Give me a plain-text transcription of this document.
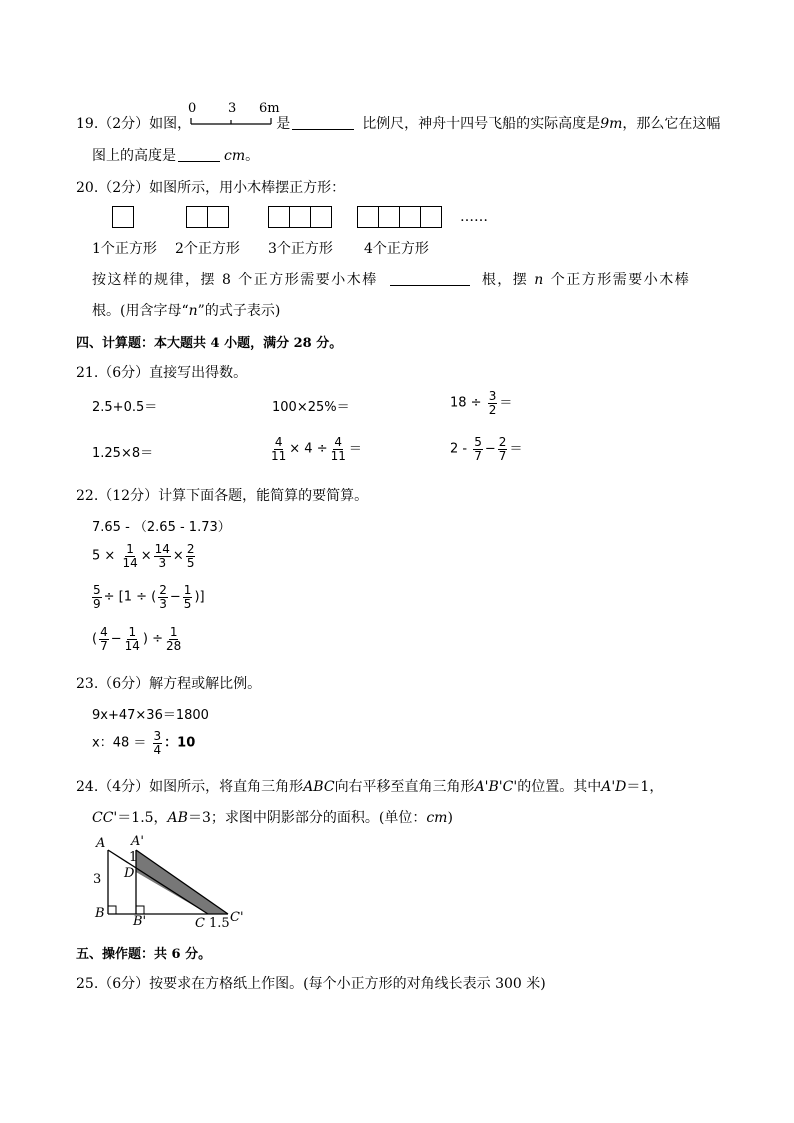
0 3 6m
19.（2分）如图，	是	比例尺，神舟十四号飞船的实际高度是9m，那么它在这幅
图上的高度是	cm。
20.（2分）如图所示，用小木棒摆正方形：
……
1个正方形 2个正方形 3个正方形 4个正方形
按这样的规律，摆 8 个正方形需要小木棒	根，摆 n 个正方形需要小木棒
根。(用含字母“n”的式子表示)
四、计算题：本大题共 4 小题，满分 28 分。
21.（6分）直接写出得数。
2.5+0.5＝	100×25%＝	$18 \div \frac{3}{2}$ ＝
1.25×8＝	$\frac{4}{11} \times 4 \div \frac{4}{11}$ ＝	$2 - \frac{5}{7} - \frac{2}{7}$ ＝
22.（12分）计算下面各题，能简算的要简算。
7.65 - （2.65 - 1.73）
$5 \times \frac{1}{14} \times \frac{14}{3} \times \frac{2}{5}$
$\frac{5}{9} \div [1$ ÷ ( $\frac{2}{3} - \frac{1}{5}$ )]
( $\frac{4}{7} - \frac{1}{14}$ ) ÷ $\frac{1}{28}$
23.（6分）解方程或解比例。
9x+47×36＝1800
x：$48 = \frac{3}{4}$ ：10
24.（4分）如图所示，将直角三角形ABC向右平移至直角三角形A'B'C'的位置。其中A'D＝1，
CC'＝1.5，AB＝3；求图中阴影部分的面积。(单位：cm)
A A'
1
D
3
B
B'	C 1.5 C'
五、操作题：共 6 分。
25.（6分）按要求在方格纸上作图。(每个小正方形的对角线长表示 300 米)
